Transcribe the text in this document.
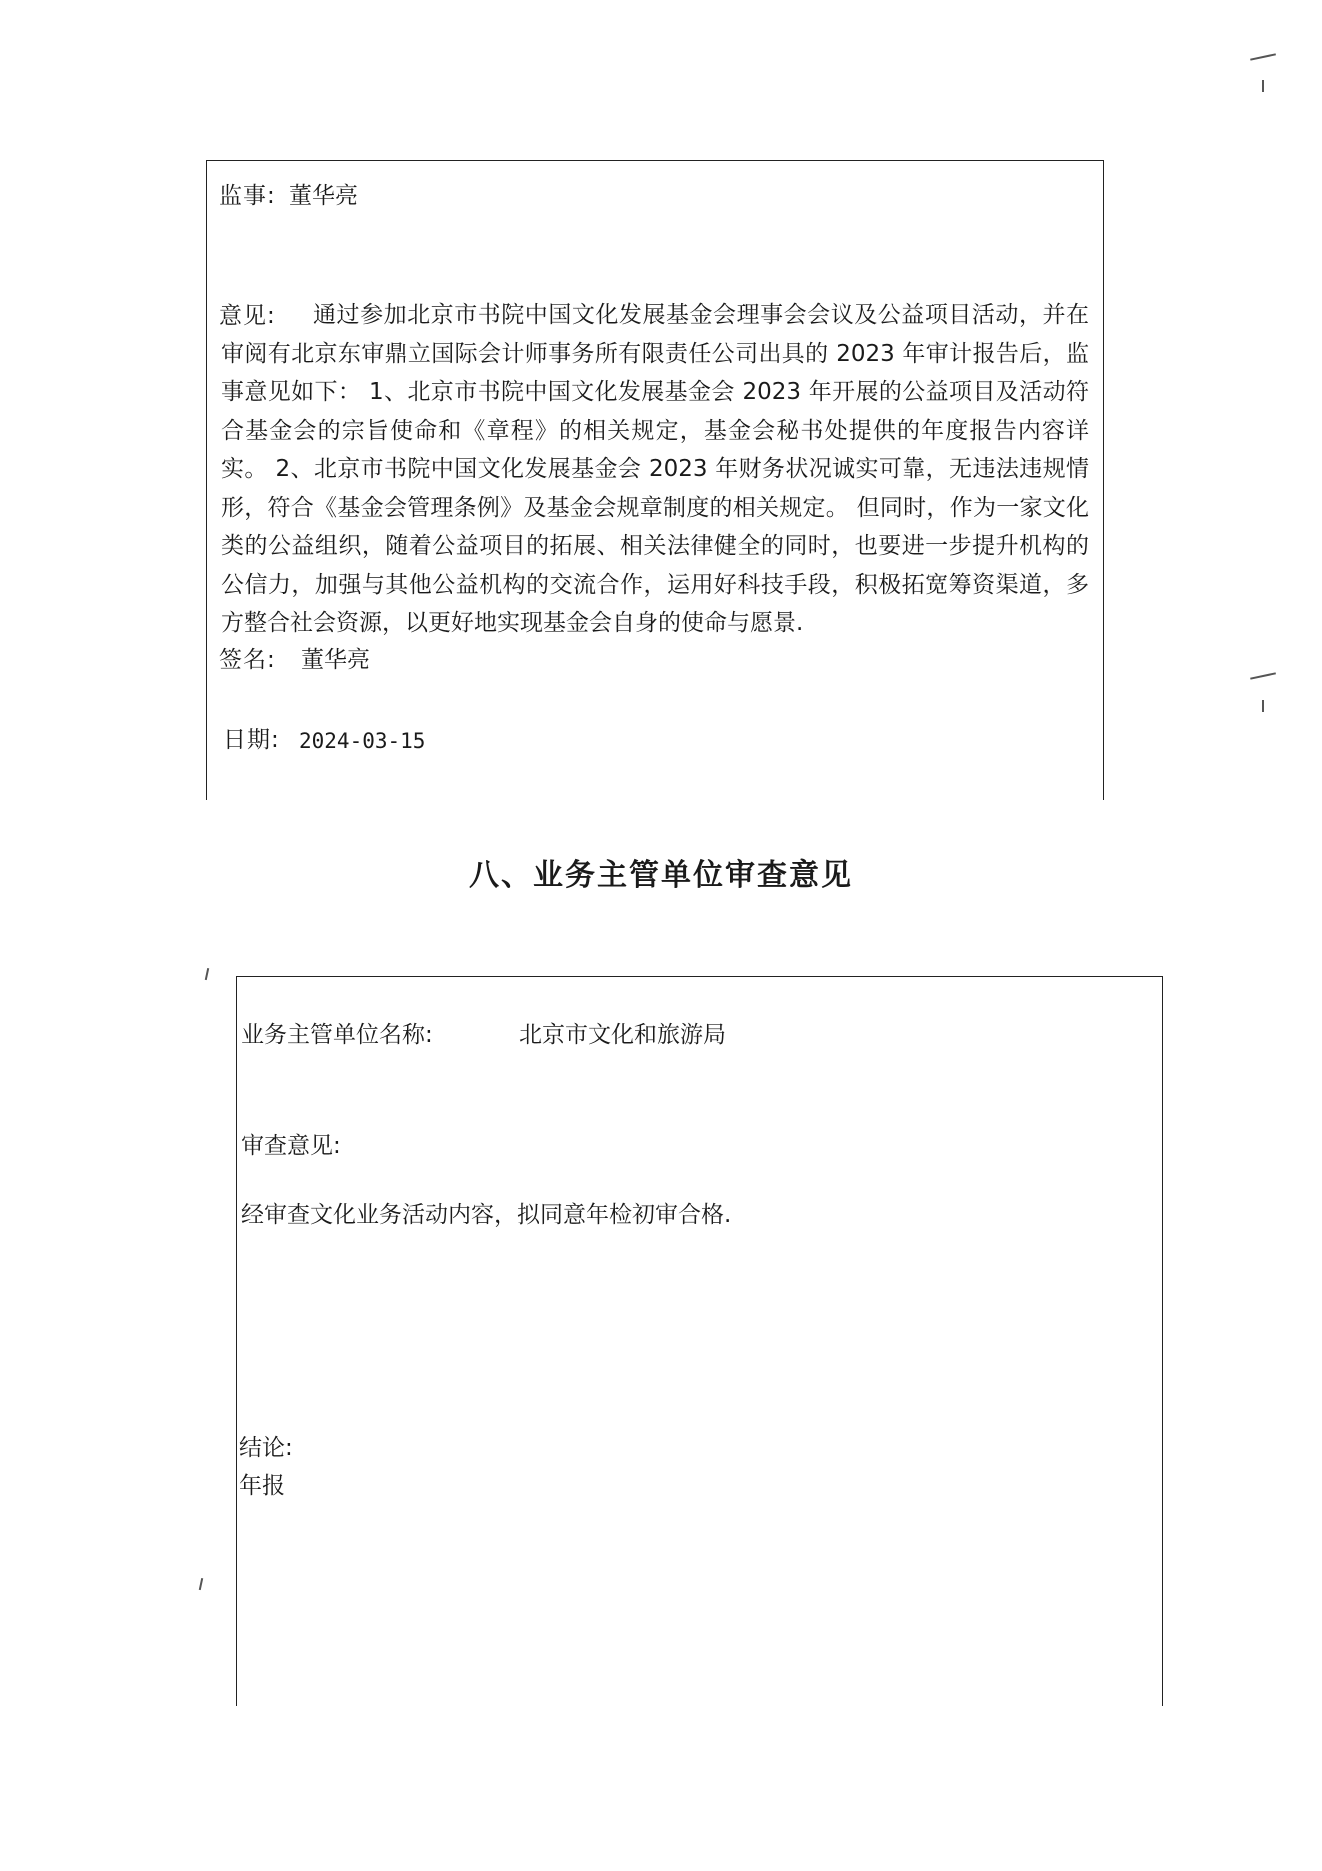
监事: 董华亮
意见:	通过参加北京市书院中国文化发展基金会理事会会议及公益项目活动，并在审阅有北京东审鼎立国际会计师事务所有限责任公司出具的 2023 年审计报告后，监事意见如下： 1、北京市书院中国文化发展基金会 2023 年开展的公益项目及活动符合基金会的宗旨使命和《章程》的相关规定，基金会秘书处提供的年度报告内容详实。 2、北京市书院中国文化发展基金会 2023 年财务状况诚实可靠，无违法违规情形，符合《基金会管理条例》及基金会规章制度的相关规定。 但同时，作为一家文化类的公益组织，随着公益项目的拓展、相关法律健全的同时，也要进一步提升机构的公信力，加强与其他公益机构的交流合作，运用好科技手段，积极拓宽筹资渠道，多方整合社会资源，以更好地实现基金会自身的使命与愿景.

签名: 董华亮
日期: 2024-03-15
八、业务主管单位审查意见
业务主管单位名称:	北京市文化和旅游局
审查意见:
经审查文化业务活动内容，拟同意年检初审合格.
结论:
年报
